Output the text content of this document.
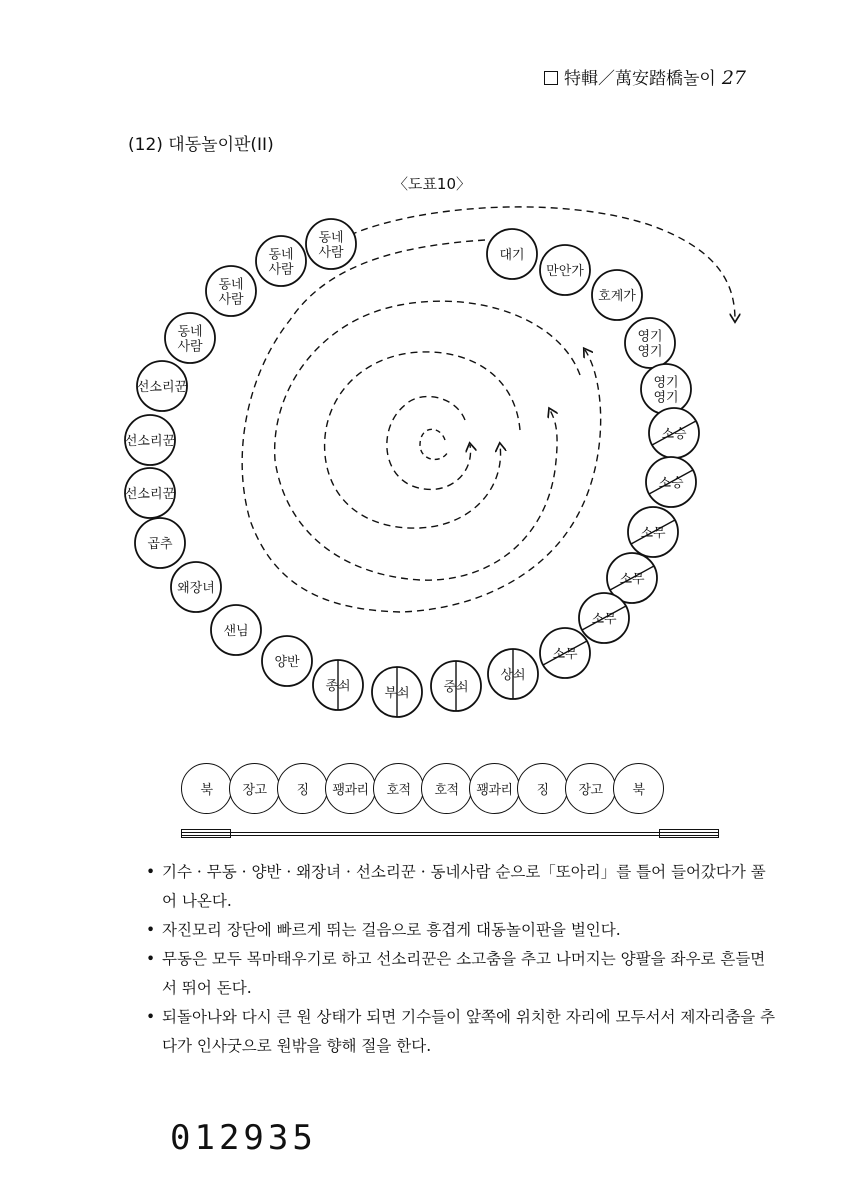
特輯／萬安踏橋놀이 27
(12) 대동놀이판(II)
〈도표10〉
대기
만안가
호계가
영기
영기
영기
영기
소승
소승
소무
소무
소무
소무
상쇠
중쇠
부쇠
종쇠
양반
샌님
왜장녀
곱추
선소리꾼
선소리꾼
선소리꾼
동네
사람
동네
사람
동네
사람
동네
사람
북	장고	징	꽹과리	호적	호적	꽹과리	징	장고	북
• 기수 · 무동 · 양반 · 왜장녀 · 선소리꾼 · 동네사람 순으로「또아리」를 틀어 들어갔다가 풀어 나온다.
• 자진모리 장단에 빠르게 뛰는 걸음으로 흥겹게 대동놀이판을 벌인다.
• 무동은 모두 목마태우기로 하고 선소리꾼은 소고춤을 추고 나머지는 양팔을 좌우로 흔들면서 뛰어 돈다.
• 되돌아나와 다시 큰 원 상태가 되면 기수들이 앞쪽에 위치한 자리에 모두서서 제자리춤을 추다가 인사굿으로 원밖을 향해 절을 한다.
012935
